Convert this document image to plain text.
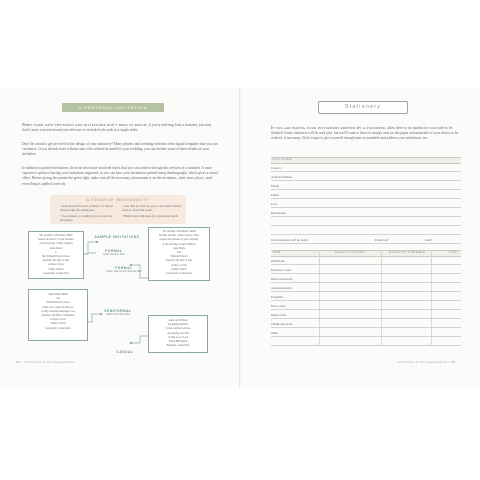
A PERSONAL INVITATION

When your save-the-dates and invitations don't need to match, if you're ordering from a stationer, you may find it more convenient and cost-effective to include both cards in a single order.

Don't be afraid to get involved in the design of your stationery! Many printers and wedding websites offer digital templates that you can customize. If you already have a theme and color scheme in mind for your wedding, you can include some of these details in your invitation.

In addition to printed invitations, there are also more involved styles that you can achieve through the services of a stationer. A more expensive option is having your invitations engraved, or you can have your invitations printed using thermography, which gives a raised effect. Before giving the printer the green light, make sure all the necessary information is on the invitation—date, time, place—and everything is spelled correctly.

A TOUCH OF INDIVIDUALITY
• Add pressed flowers, feathers, or ribbon inserted into the envelopes.
• Use stickers or sealing wax to close the envelopes.
• Add line art done by you or an artistic friend, such as a favorite verse.
• Hand write addresses for a personal touch.
SAMPLE INVITATIONS
FORMAL
Bride's Parents Host
FORMAL
Bride's and Groom's Parents Host
SEMIFORMAL
Bride and Groom Host
CASUAL
Mr. and Mrs. John Henry Smith
request the honor of your presence
at the marriage of their daughter
Anne Marie
to
Mr. William Edward Jones
Saturday, the first of June
at three o'clock
Trinity Church
Greenwich, Connecticut
Mr. and Mrs. John Henry Smith
and Mr. and Mrs. James Andrew Jones
request the pleasure of your company
at the marriage of their children
Anne Marie
and
William Edward
Saturday, the first of June
at three o'clock
Trinity Church
Greenwich, Connecticut
Anne Marie Smith
and
William Edward Jones
invite you to share in their joy
as they exchange marriage vows
Saturday, the fifth of September
at three o'clock
Trinity Church
Greenwich, Connecticut
Anne and William
are getting married!
Come celebrate with us
on Saturday, the fifth
of June at 4 o'clock
Tanya Hill Ranch
Fairfield, Connecticut
84 | Invitations & Correspondence
Stationery

If you are having your invitations printed by a stationer, allow three to six months for your order to be finished. Some stationers will do rush jobs, but you'll want to leave it enough time for the paper and materials of your choice to be ordered, if necessary. Don't forget to give yourself enough time to assemble and address your invitations, too.

STATIONER
Contact
Address/Website
Phone
Email
Cost
Description
Date stationery will be ready	Picked up?	Sent?
ITEM	SPECIFICATIONS	QUANTITY ORDERED	COST
Invitations
Response cards
Other enclosures
Announcements
Programs
Place cards
Menu cards
Thank-you notes
Other
Invitations & Correspondence | 85
